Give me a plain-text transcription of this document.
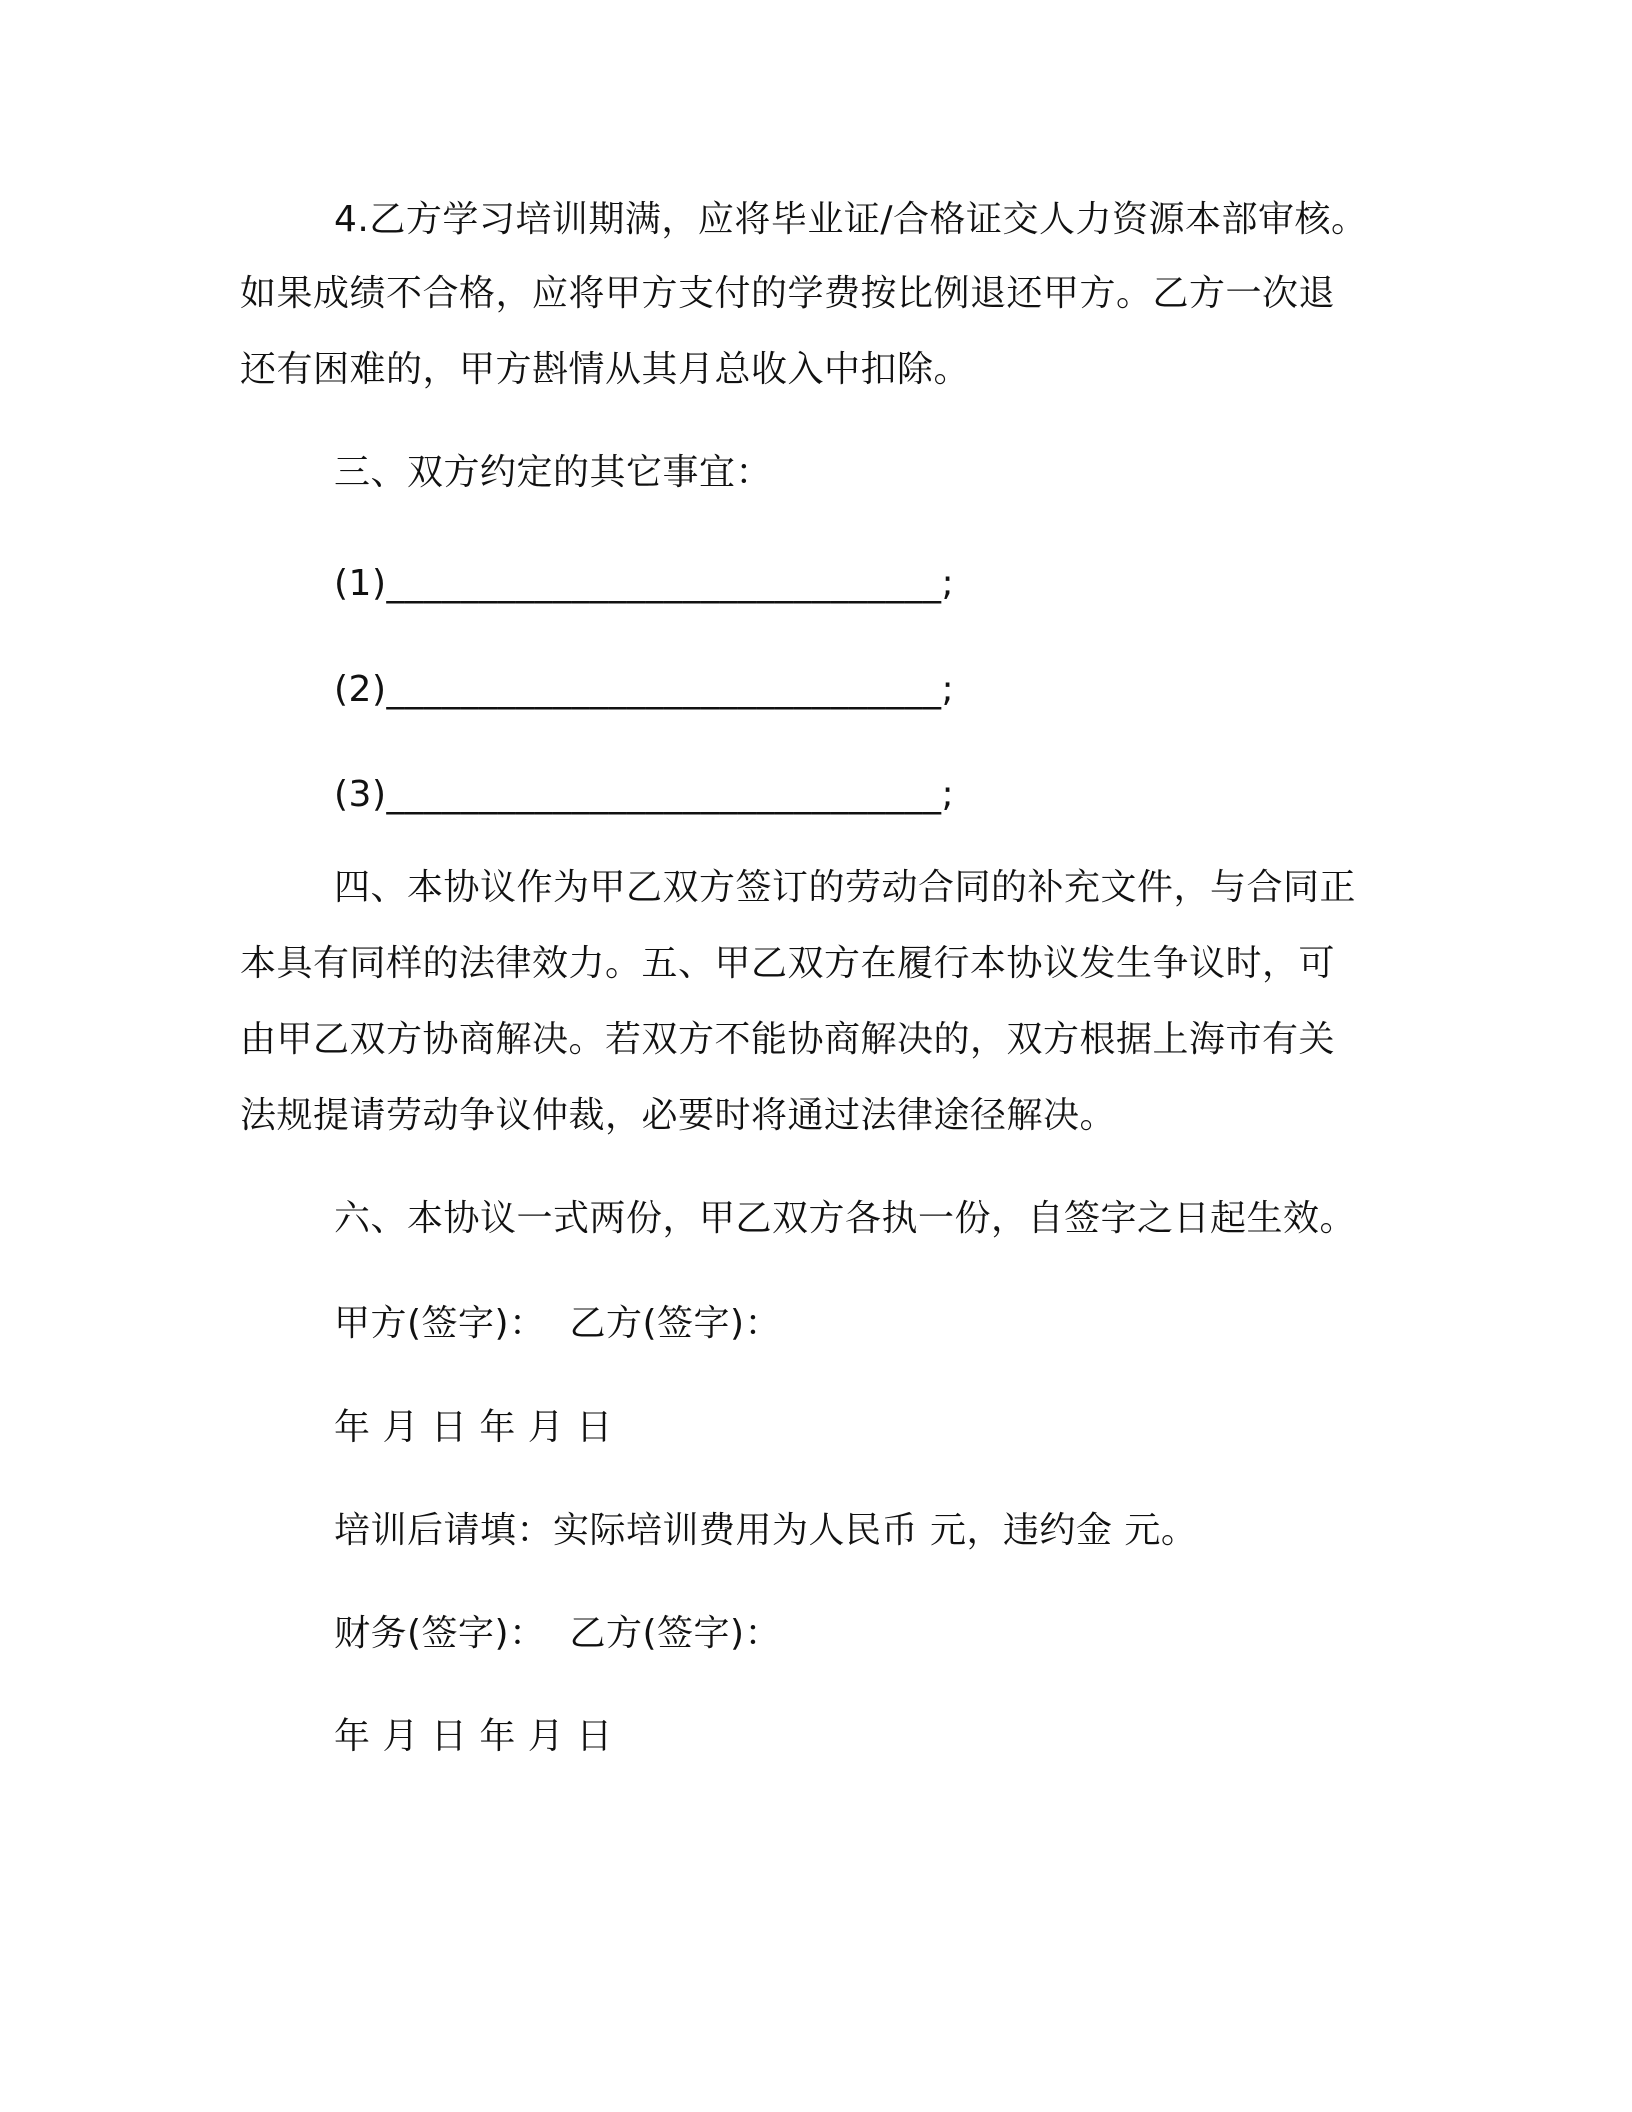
4.乙方学习培训期满，应将毕业证/合格证交人力资源本部审核。
如果成绩不合格，应将甲方支付的学费按比例退还甲方。乙方一次退
还有困难的，甲方斟情从其月总收入中扣除。
三、双方约定的其它事宜：
(1)______________________________;
(2)______________________________;
(3)______________________________;
四、本协议作为甲乙双方签订的劳动合同的补充文件，与合同正
本具有同样的法律效力。五、甲乙双方在履行本协议发生争议时，可
由甲乙双方协商解决。若双方不能协商解决的，双方根据上海市有关
法规提请劳动争议仲裁，必要时将通过法律途径解决。
六、本协议一式两份，甲乙双方各执一份，自签字之日起生效。
甲方(签字)：  乙方(签字)：
年 月 日 年 月 日
培训后请填：实际培训费用为人民币 元，违约金 元。
财务(签字)：  乙方(签字)：
年 月 日 年 月 日
